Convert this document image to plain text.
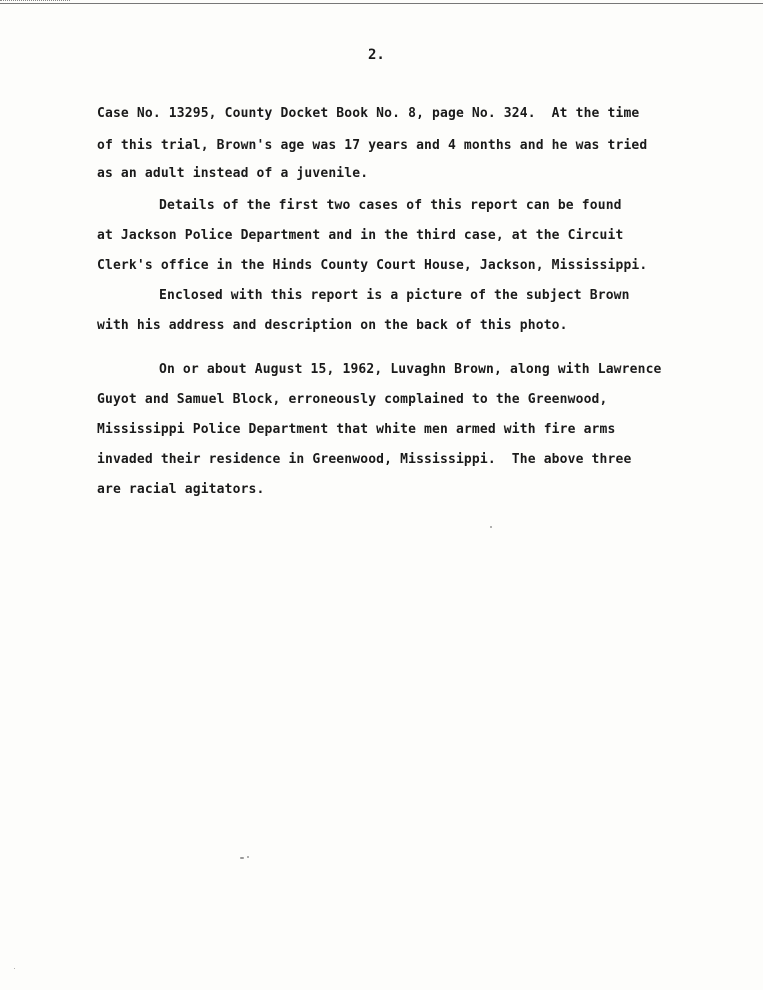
2.
Case No. 13295, County Docket Book No. 8, page No. 324.  At the time
of this trial, Brown's age was 17 years and 4 months and he was tried
as an adult instead of a juvenile.
Details of the first two cases of this report can be found
at Jackson Police Department and in the third case, at the Circuit
Clerk's office in the Hinds County Court House, Jackson, Mississippi.
Enclosed with this report is a picture of the subject Brown
with his address and description on the back of this photo.
On or about August 15, 1962, Luvaghn Brown, along with Lawrence
Guyot and Samuel Block, erroneously complained to the Greenwood,
Mississippi Police Department that white men armed with fire arms
invaded their residence in Greenwood, Mississippi.  The above three
are racial agitators.
